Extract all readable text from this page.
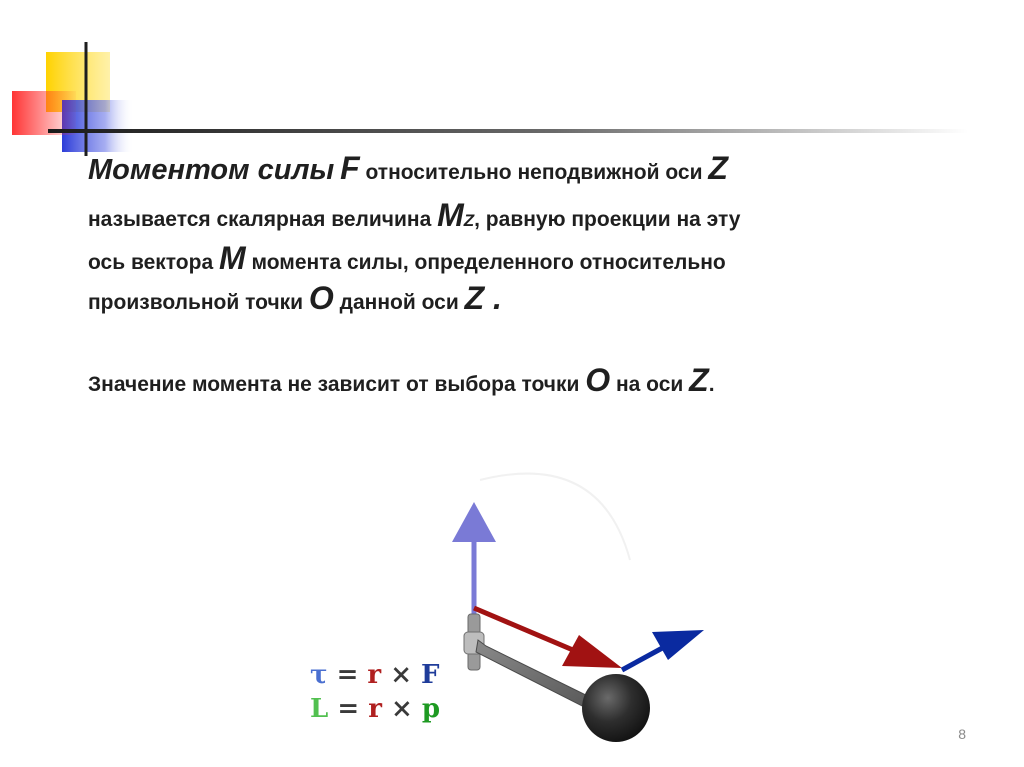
Моментом силы F относительно неподвижной оси Z
называется скалярная величина MZ, равную проекции на эту
ось вектора M момента силы, определенного относительно
произвольной точки O данной оси Z .
Значение момента не зависит от выбора точки O на оси Z.
τ = r × F
L = r × p
8
